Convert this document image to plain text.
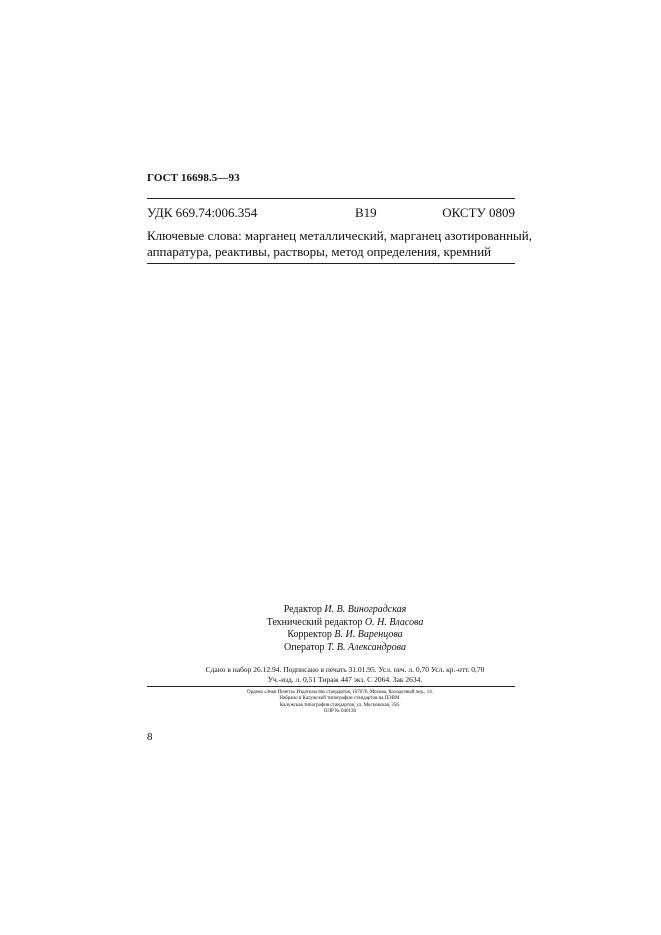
ГОСТ 16698.5—93
УДК 669.74:006.354	В19	ОКСТУ 0809
Ключевые слова: марганец металлический, марганец азотированный,
аппаратура, реактивы, растворы, метод определения, кремний
Редактор И. В. Виноградская
Технический редактор О. Н. Власова
Корректор В. И. Варенцова
Оператор Т. В. Александрова
Сдано в набор 26.12.94. Подписано в печать 31.01.95. Усл. печ. л. 0,70 Усл. кр.-отт. 0,70
Уч.-изд. л. 0,51 Тираж 447 экз. С 2064. Зак 2634.
Ордена «Знак Почета» Издательство стандартов, 107076, Москва, Колодезный пер., 14.
Набрано в Калужской типографии стандартов на ПЭВМ.
Калужская типография стандартов, ул. Московская, 256.
ПЛР № 040138
8
